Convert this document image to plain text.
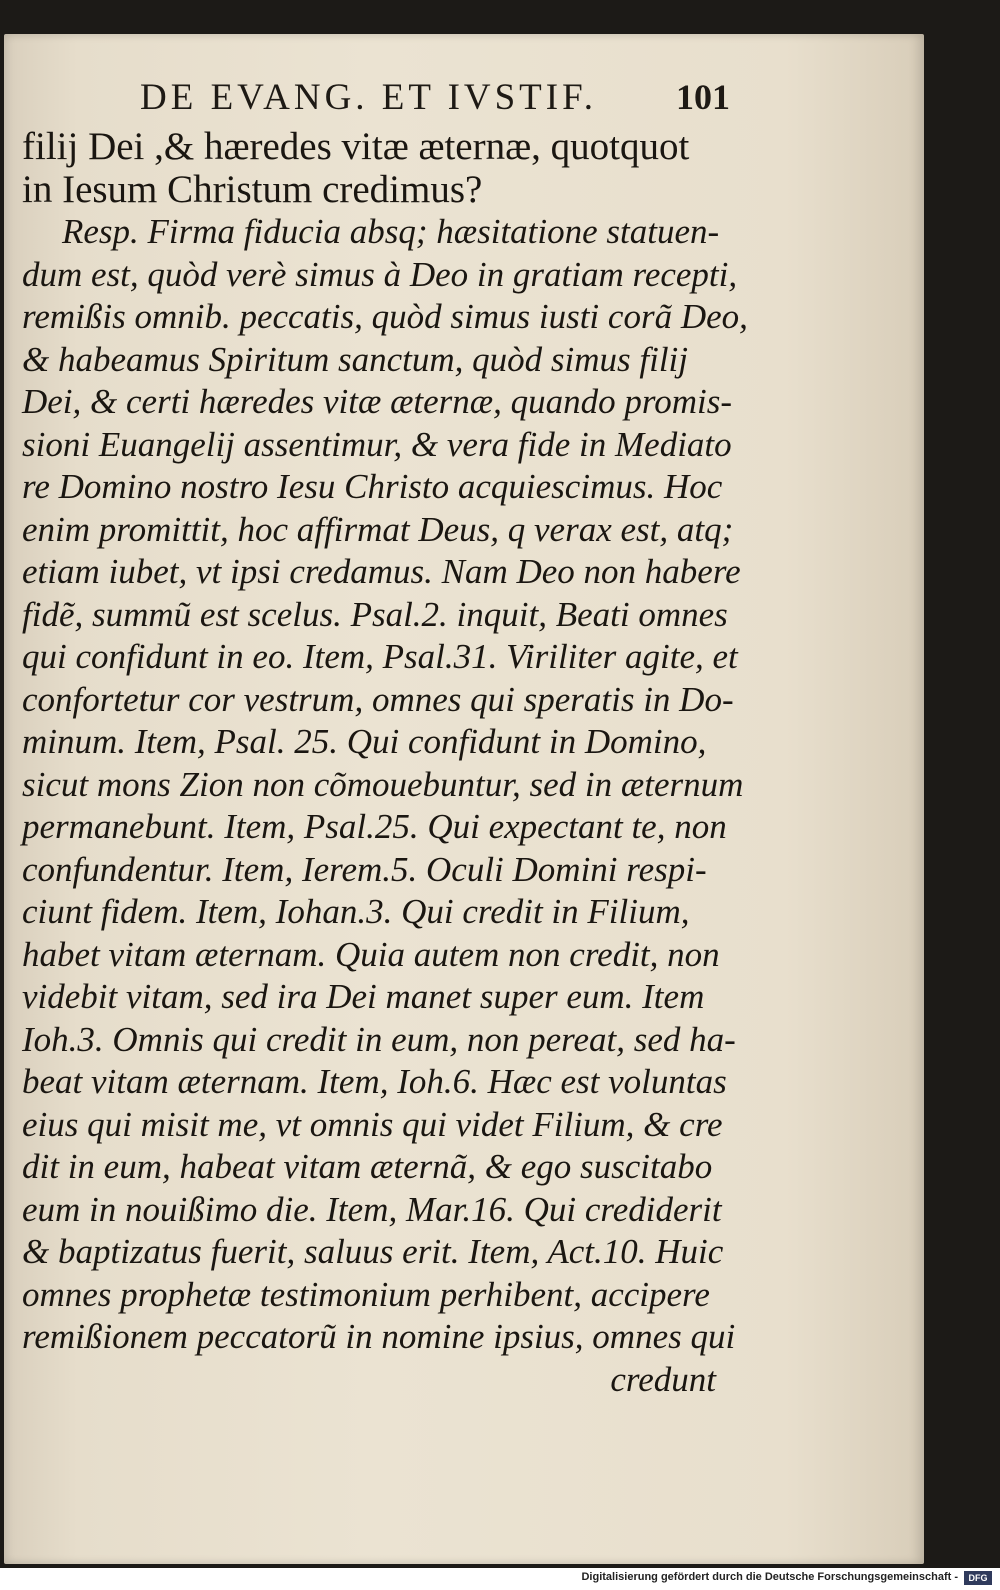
DE EVANG. ET IVSTIF. 101
filij Dei ,& hæredes vitæ æternæ, quotquot
in Iesum Christum credimus?
Resp. Firma fiducia absq; hæsitatione statuen-
dum est, quòd verè simus à Deo in gratiam recepti,
remißis omnib. peccatis, quòd simus iusti corã Deo,
& habeamus Spiritum sanctum, quòd simus filij
Dei, & certi hæredes vitæ æternæ, quando promis-
sioni Euangelij assentimur, & vera fide in Mediato
re Domino nostro Iesu Christo acquiescimus. Hoc
enim promittit, hoc affirmat Deus, q verax est, atq;
etiam iubet, vt ipsi credamus. Nam Deo non habere
fidẽ, summũ est scelus. Psal.2. inquit, Beati omnes
qui confidunt in eo. Item, Psal.31. Viriliter agite, et
confortetur cor vestrum, omnes qui speratis in Do-
minum. Item, Psal. 25. Qui confidunt in Domino,
sicut mons Zion non cõmouebuntur, sed in æternum
permanebunt. Item, Psal.25. Qui expectant te, non
confundentur. Item, Ierem.5. Oculi Domini respi-
ciunt fidem. Item, Iohan.3. Qui credit in Filium,
habet vitam æternam. Quia autem non credit, non
videbit vitam, sed ira Dei manet super eum. Item
Ioh.3. Omnis qui credit in eum, non pereat, sed ha-
beat vitam æternam. Item, Ioh.6. Hæc est voluntas
eius qui misit me, vt omnis qui videt Filium, & cre
dit in eum, habeat vitam æternã, & ego suscitabo
eum in nouißimo die. Item, Mar.16. Qui crediderit
& baptizatus fuerit, saluus erit. Item, Act.10. Huic
omnes prophetæ testimonium perhibent, accipere
remißionem peccatorũ in nomine ipsius, omnes qui
credunt
Digitalisierung gefördert durch die Deutsche Forschungsgemeinschaft -	DFG
